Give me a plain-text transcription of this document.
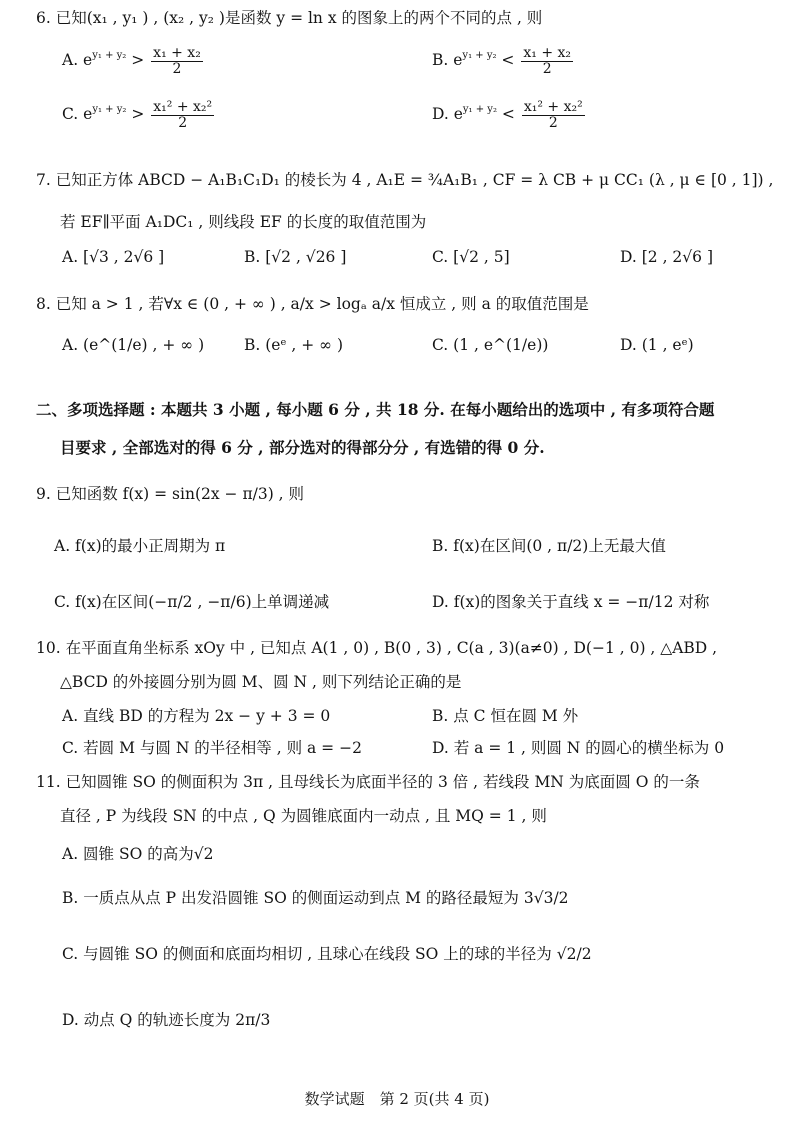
6. 已知(x₁ , y₁ ) , (x₂ , y₂ )是函数 y = ln x 的图象上的两个不同的点 , 则
A. $e^{y_1 + y_2} > \frac{\text{x₁ + x₂}}{2}$	B. $e^{y_1 + y_2} < \frac{\text{x₁ + x₂}}{2}$
C. $e^{y_1 + y_2} > \frac{\text{x₁² + x₂²}}{2}$	D. $e^{y_1 + y_2} < \frac{\text{x₁² + x₂²}}{2}$
7. 已知正方体 ABCD − A₁B₁C₁D₁ 的棱长为 4 , A₁E = ¾A₁B₁ , CF = λ CB + μ CC₁ (λ , μ ∈ [0 , 1]) ,
若 EF∥平面 A₁DC₁ , 则线段 EF 的长度的取值范围为
A. [√3 , 2√6 ]	B. [√2 , √26 ]	C. [√2 , 5]	D. [2 , 2√6 ]
8. 已知 a > 1 , 若∀x ∈ (0 , + ∞ ) , a/x > logₐ a/x 恒成立 , 则 a 的取值范围是
A. (e^(1/e) , + ∞ )	B. (eᵉ , + ∞ )	C. (1 , e^(1/e))	D. (1 , eᵉ)
二、多项选择题 : 本题共 3 小题 , 每小题 6 分 , 共 18 分. 在每小题给出的选项中 , 有多项符合题
目要求 , 全部选对的得 6 分 , 部分选对的得部分分 , 有选错的得 0 分.
9. 已知函数 f(x) = sin(2x − π/3) , 则
A. f(x)的最小正周期为 π	B. f(x)在区间(0 , π/2)上无最大值
C. f(x)在区间(−π/2 , −π/6)上单调递减	D. f(x)的图象关于直线 x = −π/12 对称
10. 在平面直角坐标系 xOy 中 , 已知点 A(1 , 0) , B(0 , 3) , C(a , 3)(a≠0) , D(−1 , 0) , △ABD ,
△BCD 的外接圆分别为圆 M、圆 N , 则下列结论正确的是
A. 直线 BD 的方程为 2x − y + 3 = 0	B. 点 C 恒在圆 M 外
C. 若圆 M 与圆 N 的半径相等 , 则 a = −2	D. 若 a = 1 , 则圆 N 的圆心的横坐标为 0
11. 已知圆锥 SO 的侧面积为 3π , 且母线长为底面半径的 3 倍 , 若线段 MN 为底面圆 O 的一条
直径 , P 为线段 SN 的中点 , Q 为圆锥底面内一动点 , 且 MQ = 1 , 则
A. 圆锥 SO 的高为√2
B. 一质点从点 P 出发沿圆锥 SO 的侧面运动到点 M 的路径最短为 3√3/2
C. 与圆锥 SO 的侧面和底面均相切 , 且球心在线段 SO 上的球的半径为 √2/2
D. 动点 Q 的轨迹长度为 2π/3
数学试题　第 2 页(共 4 页)
